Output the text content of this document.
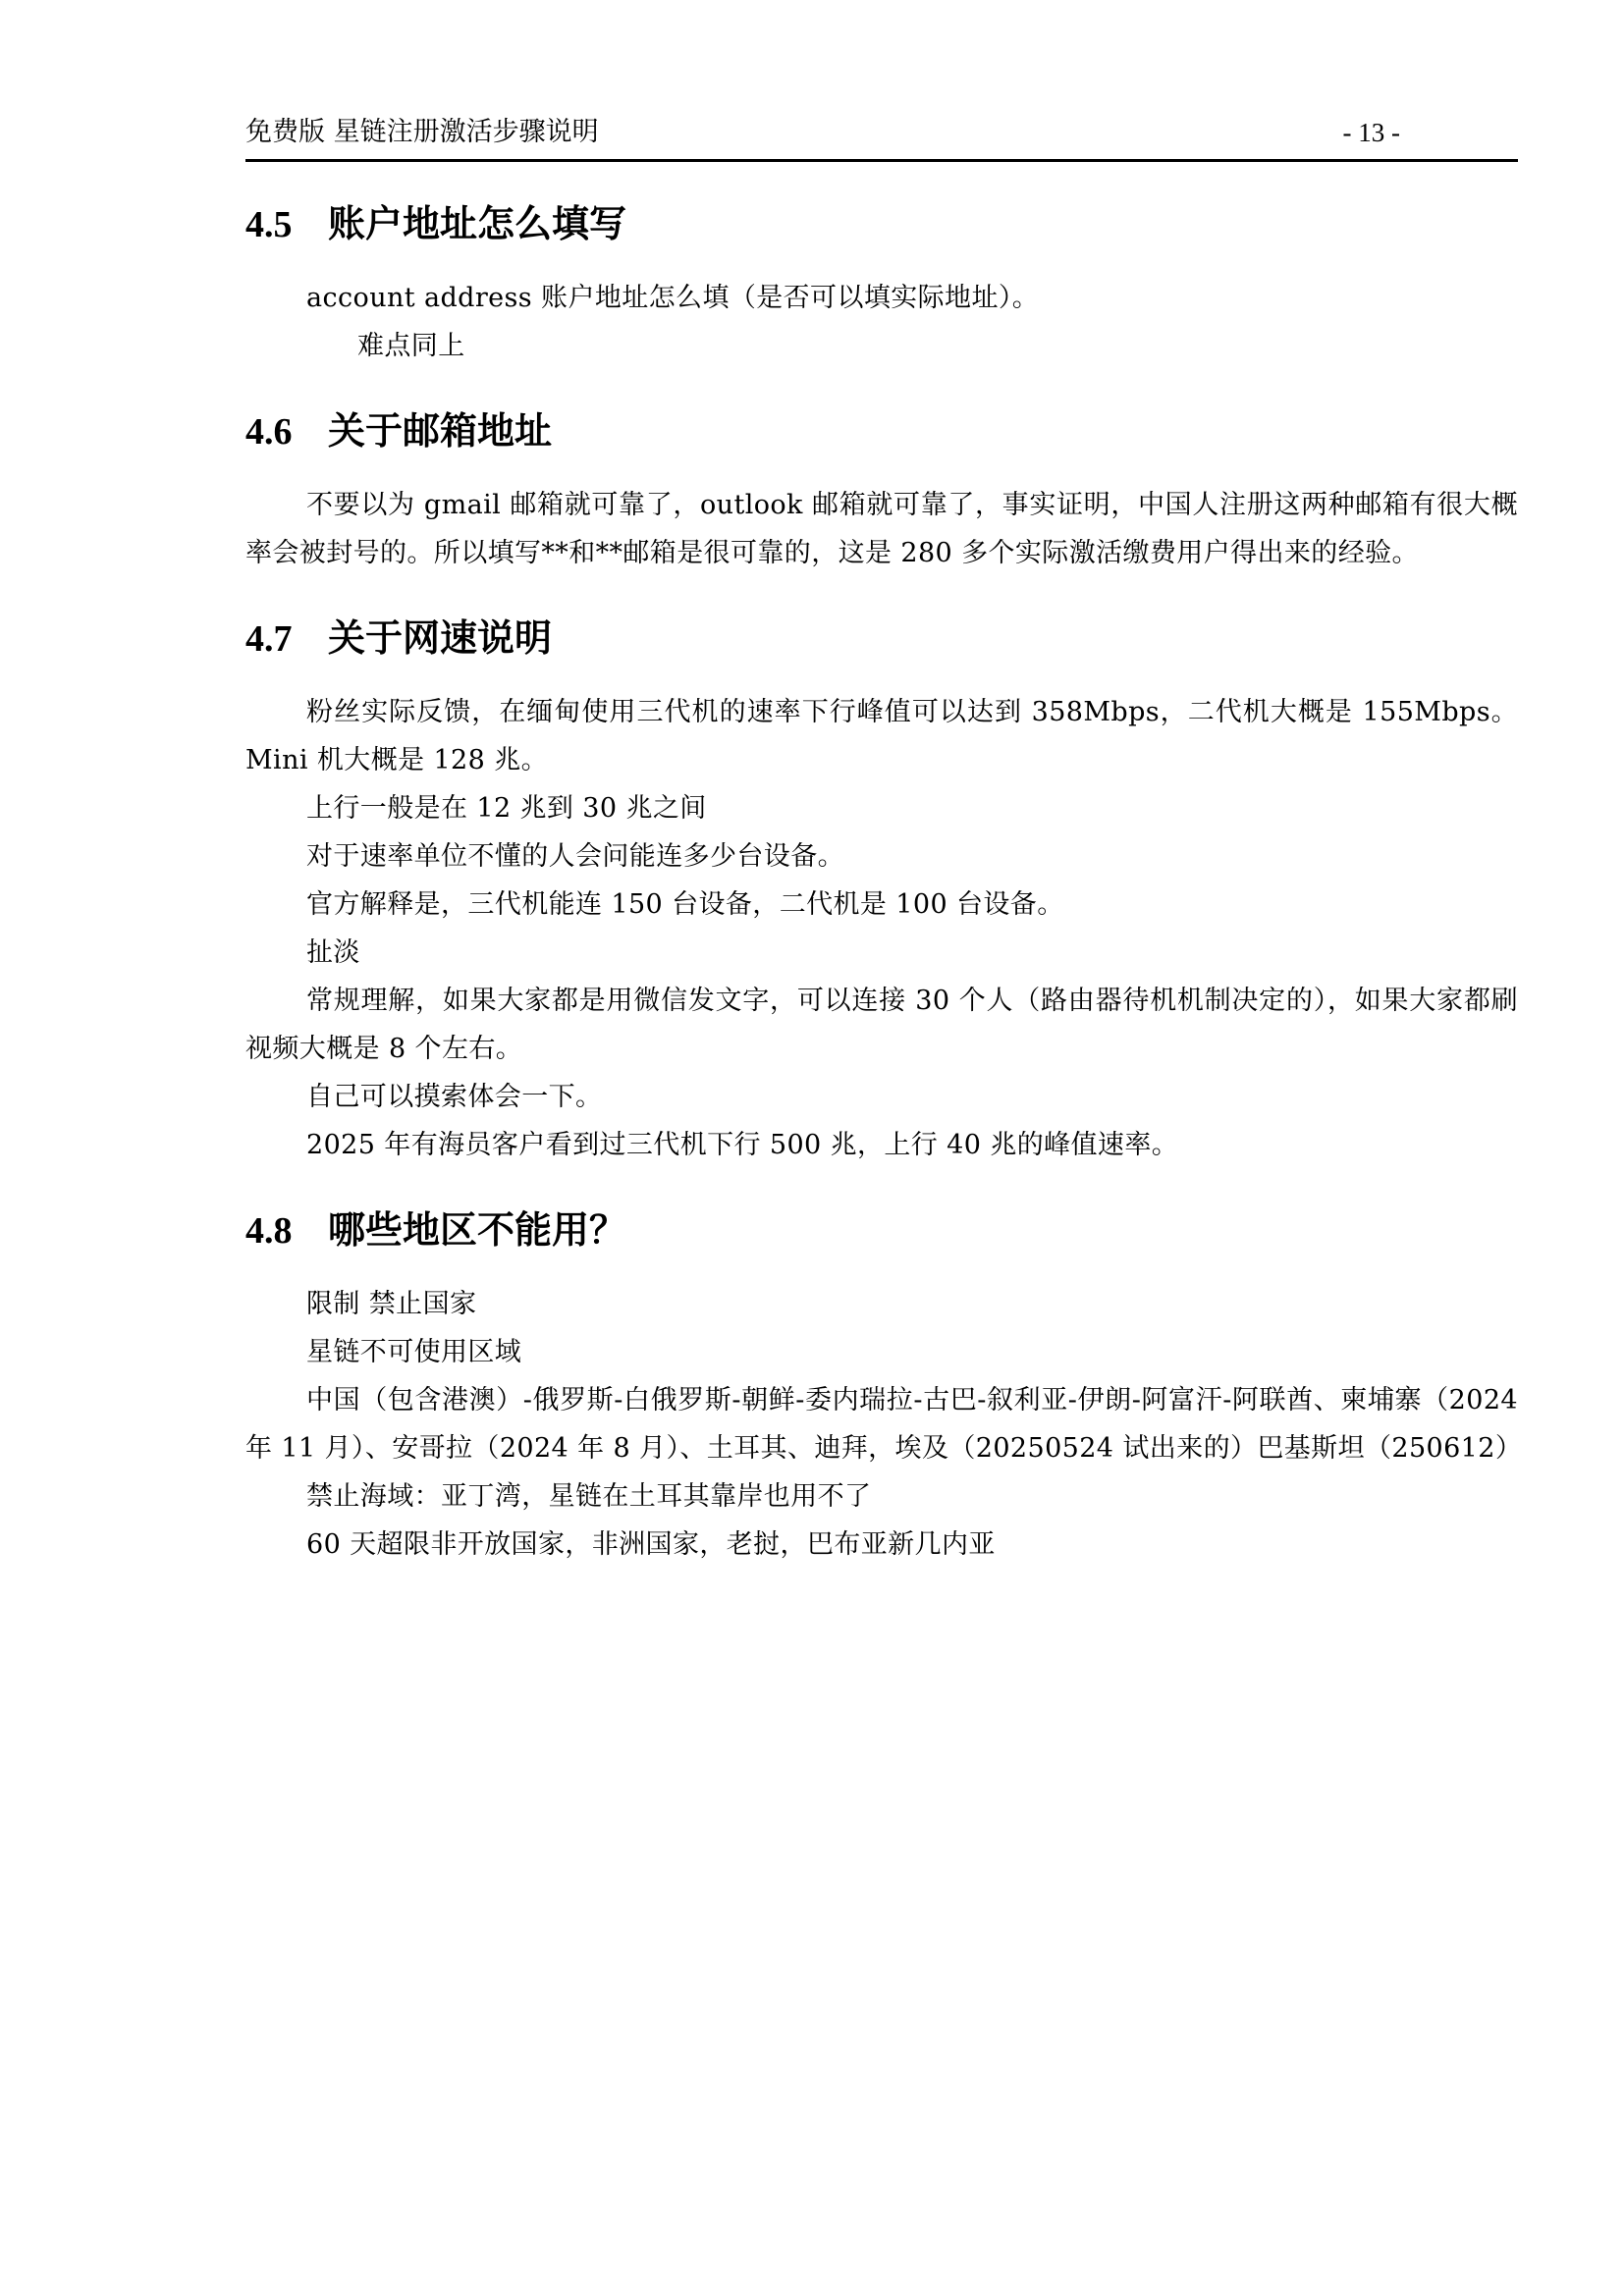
免费版 星链注册激活步骤说明	- 13 -
4.5 账户地址怎么填写

account address 账户地址怎么填（是否可以填实际地址）。

难点同上

4.6 关于邮箱地址

不要以为 gmail 邮箱就可靠了，outlook 邮箱就可靠了，事实证明，中国人注册这两种邮箱有很大概率会被封号的。所以填写**和**邮箱是很可靠的，这是 280 多个实际激活缴费用户得出来的经验。

4.7 关于网速说明

粉丝实际反馈，在缅甸使用三代机的速率下行峰值可以达到 358Mbps，二代机大概是 155Mbps。Mini 机大概是 128 兆。

上行一般是在 12 兆到 30 兆之间

对于速率单位不懂的人会问能连多少台设备。

官方解释是，三代机能连 150 台设备，二代机是 100 台设备。

扯淡

常规理解，如果大家都是用微信发文字，可以连接 30 个人（路由器待机机制决定的），如果大家都刷视频大概是 8 个左右。

自己可以摸索体会一下。

2025 年有海员客户看到过三代机下行 500 兆，上行 40 兆的峰值速率。

4.8 哪些地区不能用？

限制 禁止国家

星链不可使用区域

中国（包含港澳）-俄罗斯-白俄罗斯-朝鲜-委内瑞拉-古巴-叙利亚-伊朗-阿富汗-阿联酋、柬埔寨（2024 年 11 月）、安哥拉（2024 年 8 月）、土耳其、迪拜，埃及（20250524 试出来的）巴基斯坦（250612）

禁止海域：亚丁湾，星链在土耳其靠岸也用不了

60 天超限非开放国家，非洲国家，老挝，巴布亚新几内亚
